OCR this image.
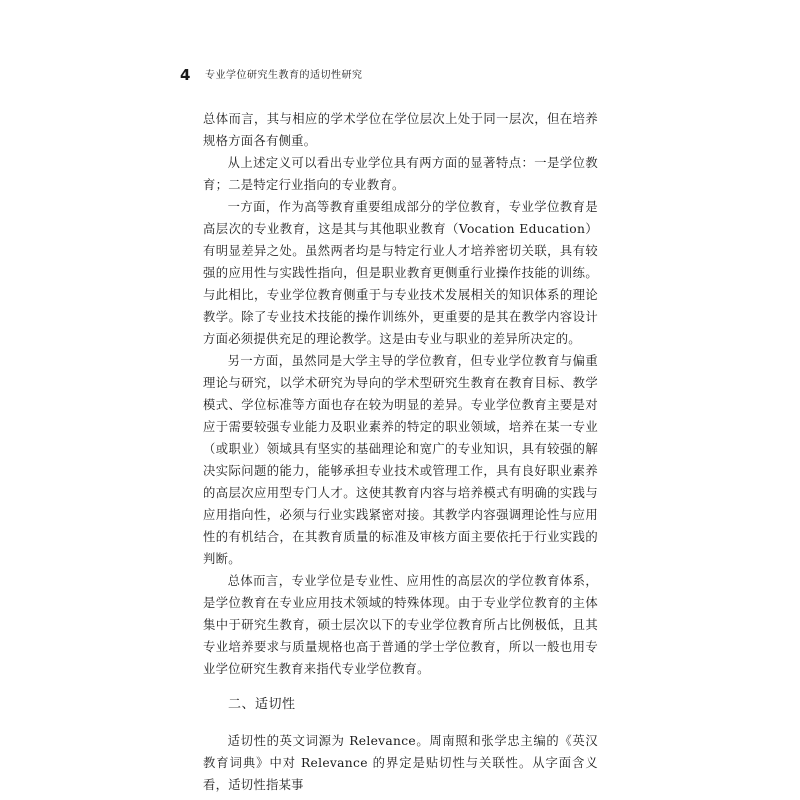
4 专业学位研究生教育的适切性研究

总体而言，其与相应的学术学位在学位层次上处于同一层次，但在培养规格方面各有侧重。

从上述定义可以看出专业学位具有两方面的显著特点：一是学位教育；二是特定行业指向的专业教育。

一方面，作为高等教育重要组成部分的学位教育，专业学位教育是高层次的专业教育，这是其与其他职业教育（Vocation Education）有明显差异之处。虽然两者均是与特定行业人才培养密切关联，具有较强的应用性与实践性指向，但是职业教育更侧重行业操作技能的训练。与此相比，专业学位教育侧重于与专业技术发展相关的知识体系的理论教学。除了专业技术技能的操作训练外，更重要的是其在教学内容设计方面必须提供充足的理论教学。这是由专业与职业的差异所决定的。

另一方面，虽然同是大学主导的学位教育，但专业学位教育与偏重理论与研究，以学术研究为导向的学术型研究生教育在教育目标、教学模式、学位标准等方面也存在较为明显的差异。专业学位教育主要是对应于需要较强专业能力及职业素养的特定的职业领域，培养在某一专业（或职业）领域具有坚实的基础理论和宽广的专业知识，具有较强的解决实际问题的能力，能够承担专业技术或管理工作，具有良好职业素养的高层次应用型专门人才。这使其教育内容与培养模式有明确的实践与应用指向性，必须与行业实践紧密对接。其教学内容强调理论性与应用性的有机结合，在其教育质量的标准及审核方面主要依托于行业实践的判断。

总体而言，专业学位是专业性、应用性的高层次的学位教育体系，是学位教育在专业应用技术领域的特殊体现。由于专业学位教育的主体集中于研究生教育，硕士层次以下的专业学位教育所占比例极低，且其专业培养要求与质量规格也高于普通的学士学位教育，所以一般也用专业学位研究生教育来指代专业学位教育。

二、适切性

适切性的英文词源为 Relevance。周南照和张学忠主编的《英汉教育词典》中对 Relevance 的界定是贴切性与关联性。从字面含义看，适切性指某事
